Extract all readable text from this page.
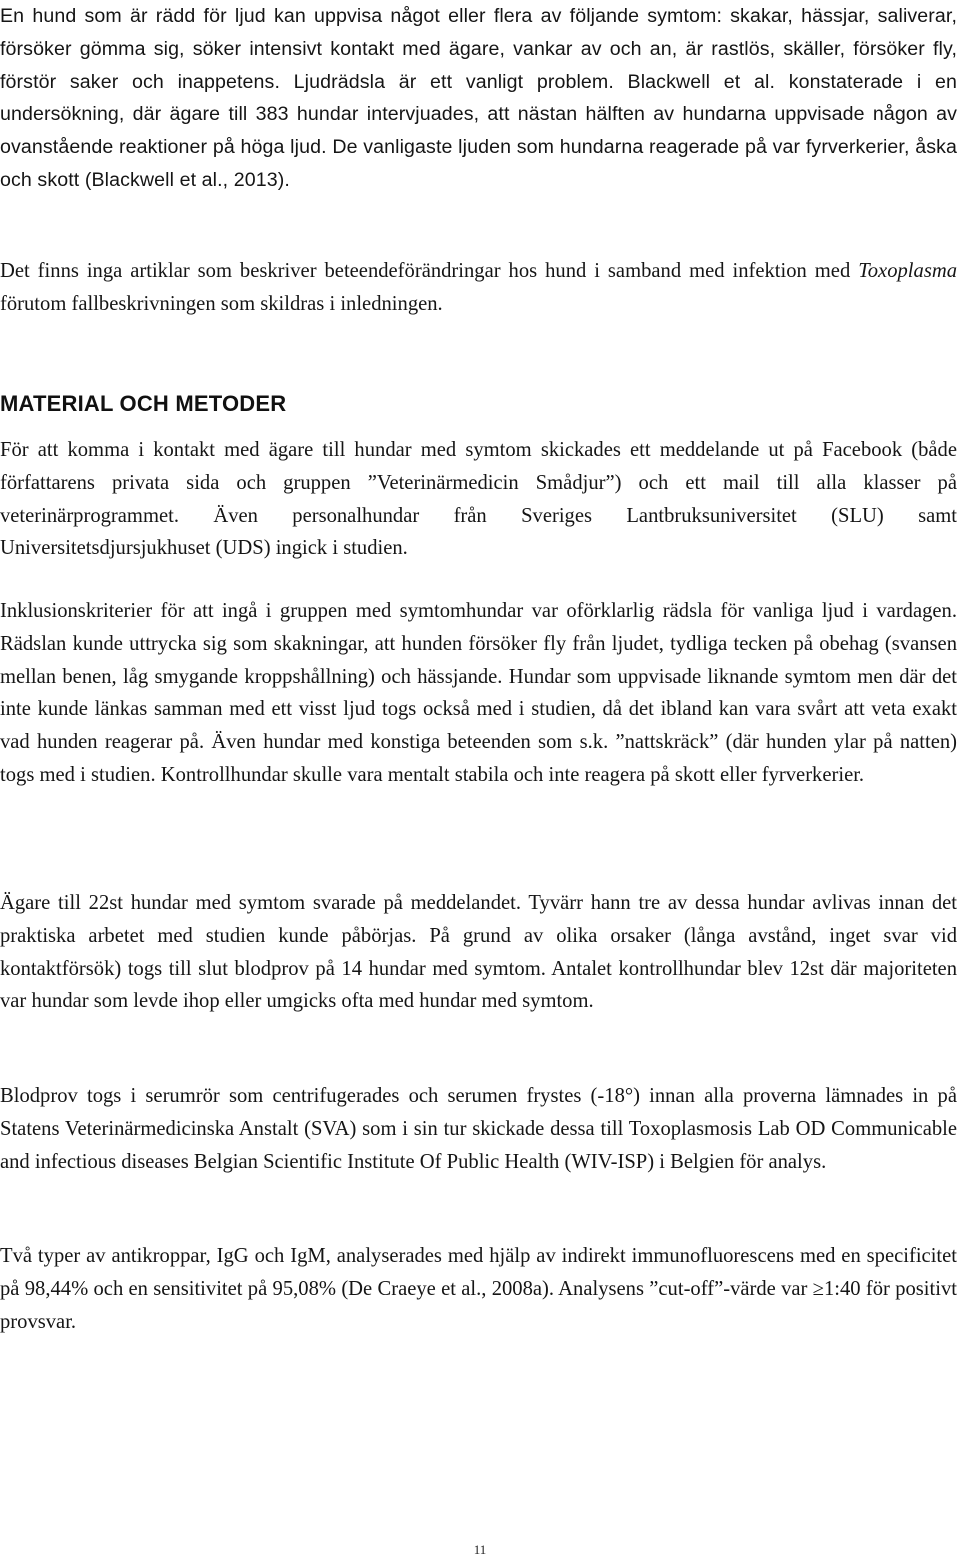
En hund som är rädd för ljud kan uppvisa något eller flera av följande symtom: skakar, hässjar, saliverar, försöker gömma sig, söker intensivt kontakt med ägare, vankar av och an, är rastlös, skäller, försöker fly, förstör saker och inappetens. Ljudrädsla är ett vanligt problem. Blackwell et al. konstaterade i en undersökning, där ägare till 383 hundar intervjuades, att nästan hälften av hundarna uppvisade någon av ovanstående reaktioner på höga ljud. De vanligaste ljuden som hundarna reagerade på var fyrverkerier, åska och skott (Blackwell et al., 2013).

Det finns inga artiklar som beskriver beteendeförändringar hos hund i samband med infektion med Toxoplasma förutom fallbeskrivningen som skildras i inledningen.

MATERIAL OCH METODER

För att komma i kontakt med ägare till hundar med symtom skickades ett meddelande ut på Facebook (både författarens privata sida och gruppen ”Veterinärmedicin Smådjur”) och ett mail till alla klasser på veterinärprogrammet. Även personalhundar från Sveriges Lantbruksuniversitet (SLU) samt Universitetsdjursjukhuset (UDS) ingick i studien.

Inklusionskriterier för att ingå i gruppen med symtomhundar var oförklarlig rädsla för vanliga ljud i vardagen. Rädslan kunde uttrycka sig som skakningar, att hunden försöker fly från ljudet, tydliga tecken på obehag (svansen mellan benen, låg smygande kroppshållning) och hässjande. Hundar som uppvisade liknande symtom men där det inte kunde länkas samman med ett visst ljud togs också med i studien, då det ibland kan vara svårt att veta exakt vad hunden reagerar på. Även hundar med konstiga beteenden som s.k. ”nattskräck” (där hunden ylar på natten) togs med i studien. Kontrollhundar skulle vara mentalt stabila och inte reagera på skott eller fyrverkerier.

Ägare till 22st hundar med symtom svarade på meddelandet. Tyvärr hann tre av dessa hundar avlivas innan det praktiska arbetet med studien kunde påbörjas. På grund av olika orsaker (långa avstånd, inget svar vid kontaktförsök) togs till slut blodprov på 14 hundar med symtom. Antalet kontrollhundar blev 12st där majoriteten var hundar som levde ihop eller umgicks ofta med hundar med symtom.

Blodprov togs i serumrör som centrifugerades och serumen frystes (-18°) innan alla proverna lämnades in på Statens Veterinärmedicinska Anstalt (SVA) som i sin tur skickade dessa till Toxoplasmosis Lab OD Communicable and infectious diseases Belgian Scientific Institute Of Public Health (WIV-ISP) i Belgien för analys.

Två typer av antikroppar, IgG och IgM, analyserades med hjälp av indirekt immunofluorescens med en specificitet på 98,44% och en sensitivitet på 95,08% (De Craeye et al., 2008a). Analysens ”cut-off”-värde var ≥1:40 för positivt provsvar.

11
